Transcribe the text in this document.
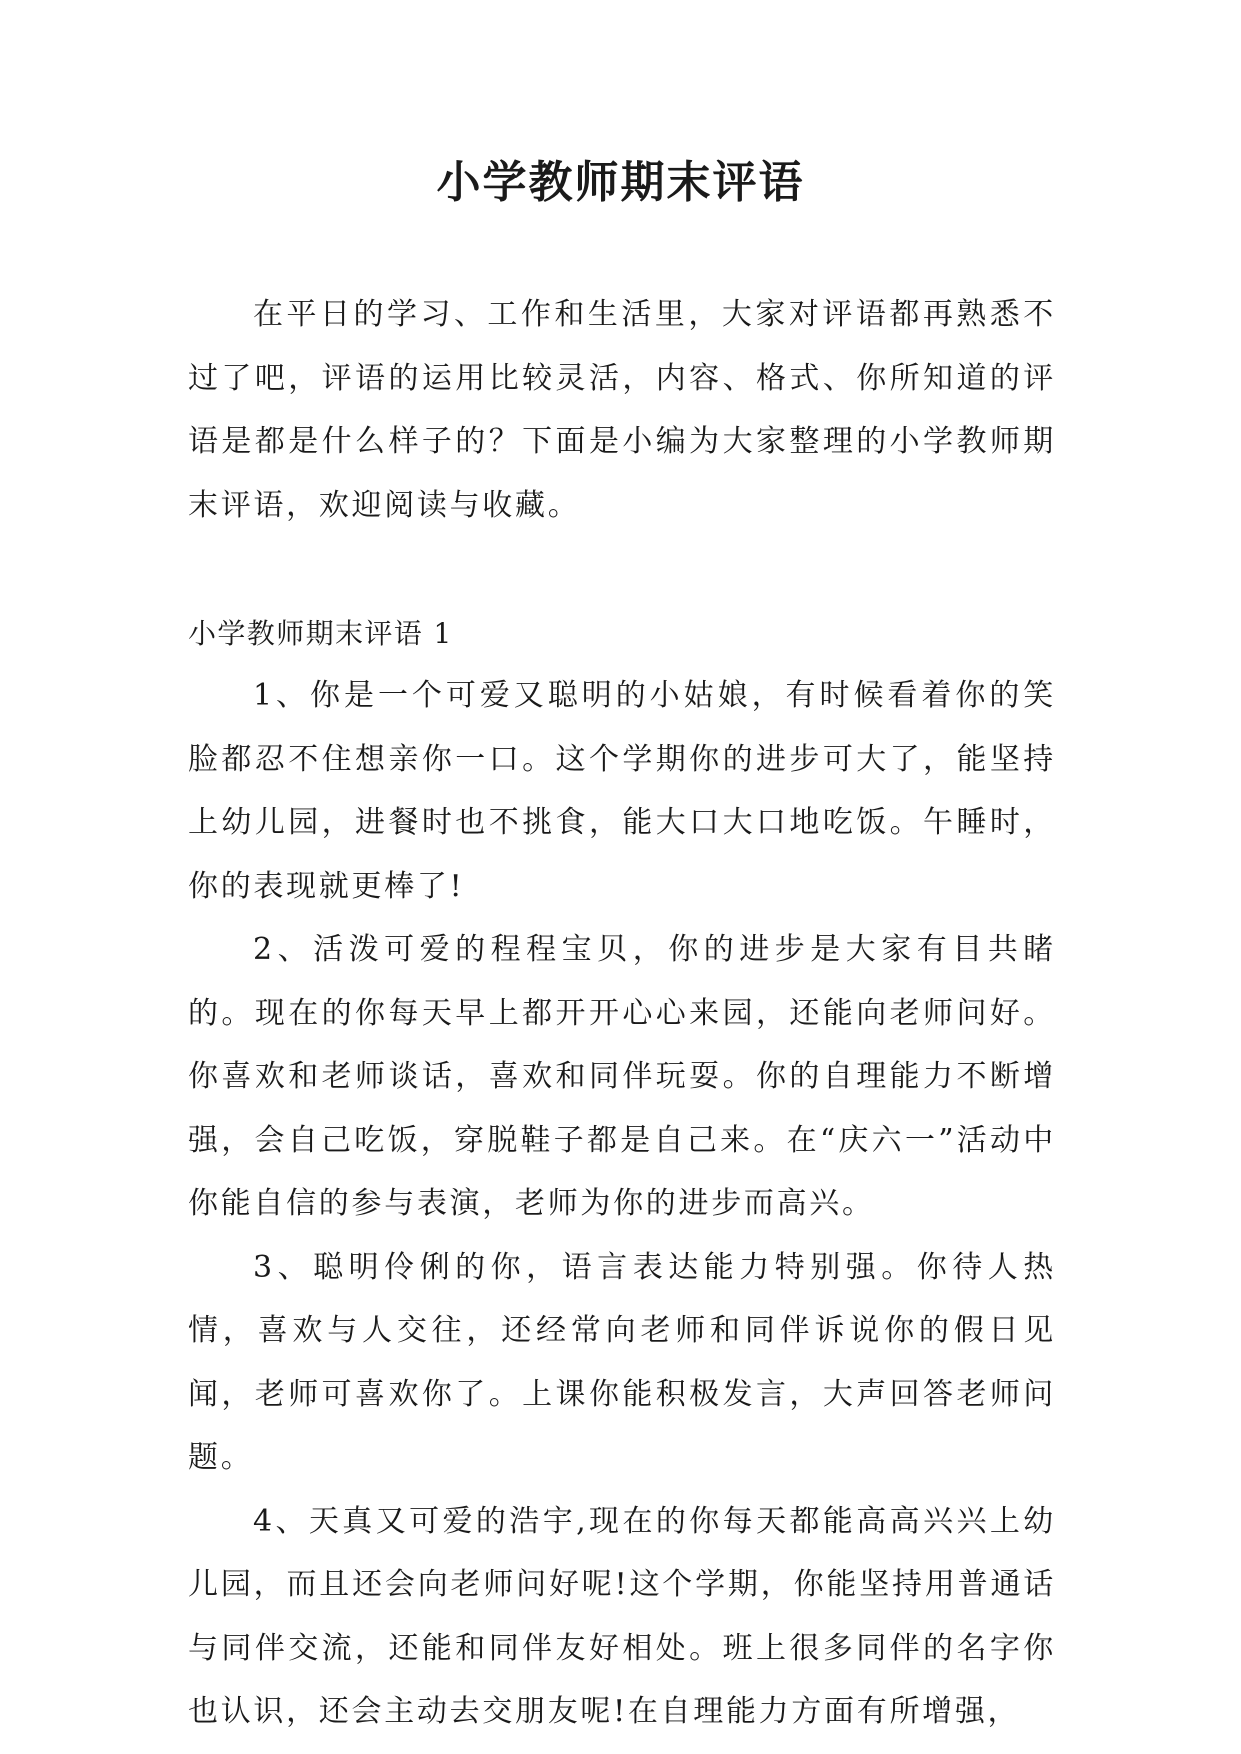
小学教师期末评语

在平日的学习、工作和生活里，大家对评语都再熟悉不过了吧，评语的运用比较灵活，内容、格式、你所知道的评语是都是什么样子的？下面是小编为大家整理的小学教师期末评语，欢迎阅读与收藏。

小学教师期末评语 1

1、你是一个可爱又聪明的小姑娘，有时候看着你的笑脸都忍不住想亲你一口。这个学期你的进步可大了，能坚持上幼儿园，进餐时也不挑食，能大口大口地吃饭。午睡时，你的表现就更棒了!

2、活泼可爱的程程宝贝，你的进步是大家有目共睹的。现在的你每天早上都开开心心来园，还能向老师问好。你喜欢和老师谈话，喜欢和同伴玩耍。你的自理能力不断增强，会自己吃饭，穿脱鞋子都是自己来。在“庆六一”活动中你能自信的参与表演，老师为你的进步而高兴。

3、聪明伶俐的你，语言表达能力特别强。你待人热情，喜欢与人交往，还经常向老师和同伴诉说你的假日见闻，老师可喜欢你了。上课你能积极发言，大声回答老师问题。

4、天真又可爱的浩宇,现在的你每天都能高高兴兴上幼儿园，而且还会向老师问好呢!这个学期，你能坚持用普通话与同伴交流，还能和同伴友好相处。班上很多同伴的名字你也认识，还会主动去交朋友呢!在自理能力方面有所增强，
